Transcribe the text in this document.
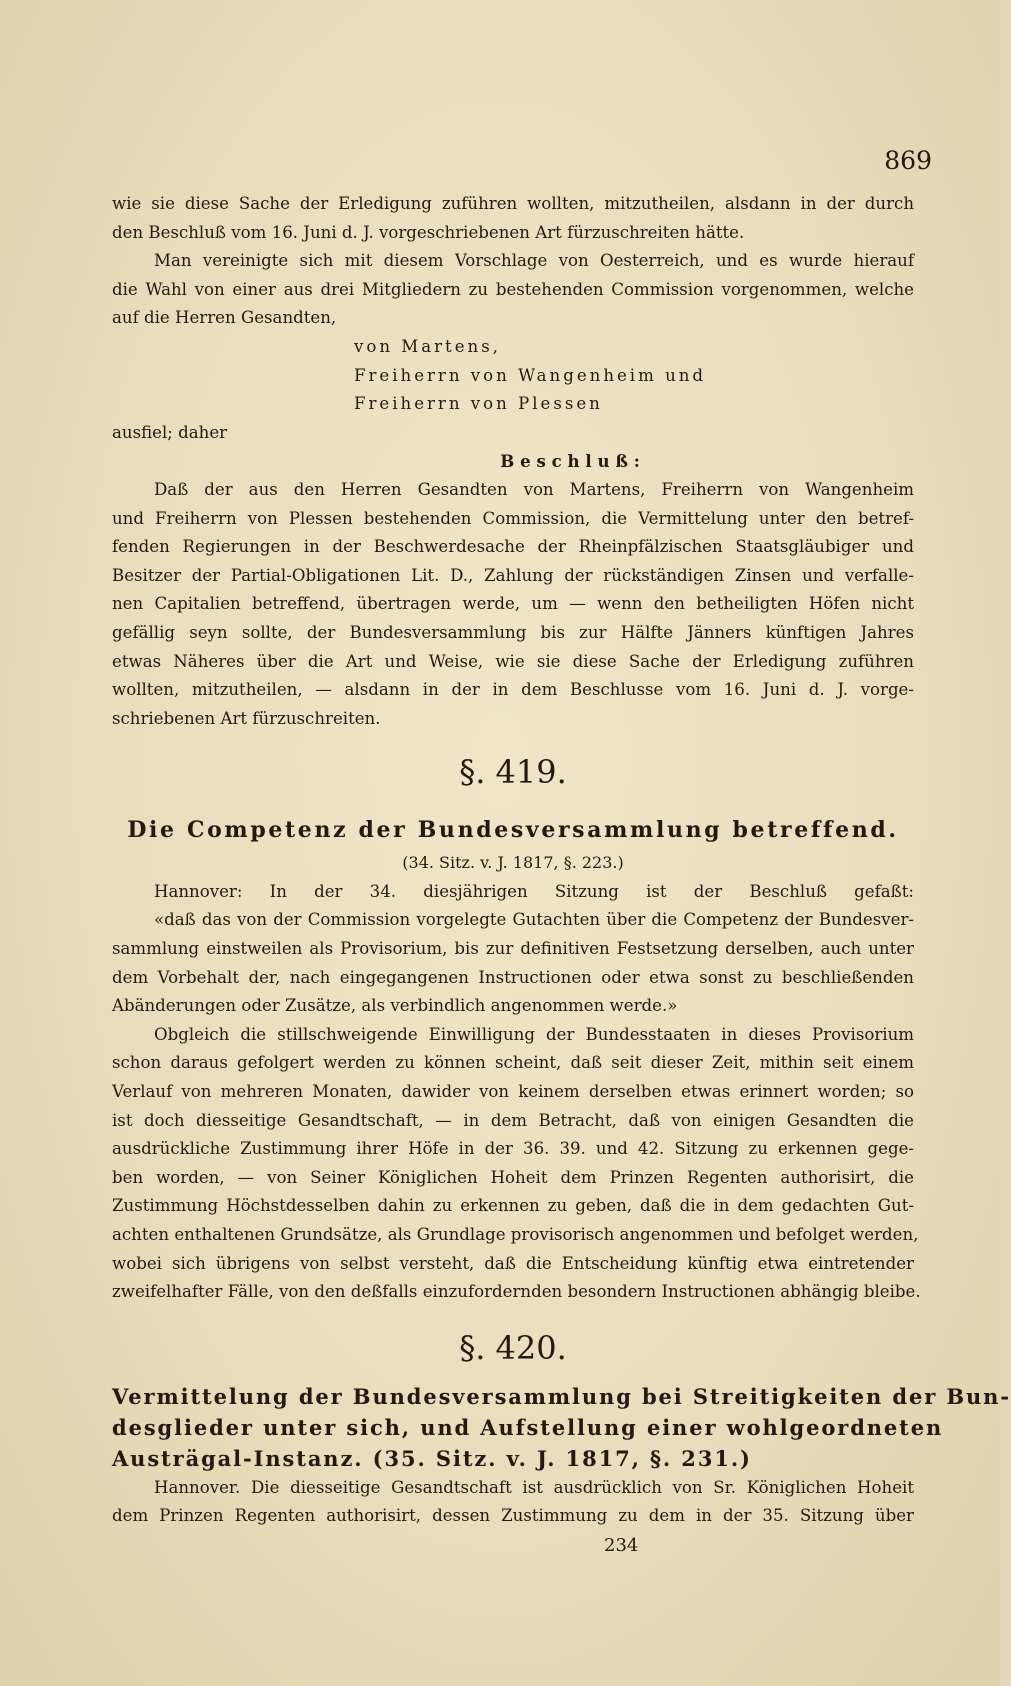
869
wie sie diese Sache der Erledigung zuführen wollten, mitzutheilen, alsdann in der durch
den Beschluß vom 16. Juni d. J. vorgeschriebenen Art fürzuschreiten hätte.
Man vereinigte sich mit diesem Vorschlage von Oesterreich, und es wurde hierauf
die Wahl von einer aus drei Mitgliedern zu bestehenden Commission vorgenommen, welche
auf die Herren Gesandten,
von Martens,
Freiherrn von Wangenheim und
Freiherrn von Plessen
ausfiel; daher
Beschluß:
Daß der aus den Herren Gesandten von Martens, Freiherrn von Wangenheim
und Freiherrn von Plessen bestehenden Commission, die Vermittelung unter den betref-
fenden Regierungen in der Beschwerdesache der Rheinpfälzischen Staatsgläubiger und
Besitzer der Partial-Obligationen Lit. D., Zahlung der rückständigen Zinsen und verfalle-
nen Capitalien betreffend, übertragen werde, um — wenn den betheiligten Höfen nicht
gefällig seyn sollte, der Bundesversammlung bis zur Hälfte Jänners künftigen Jahres
etwas Näheres über die Art und Weise, wie sie diese Sache der Erledigung zuführen
wollten, mitzutheilen, — alsdann in der in dem Beschlusse vom 16. Juni d. J. vorge-
schriebenen Art fürzuschreiten.
§. 419.
Die Competenz der Bundesversammlung betreffend.
(34. Sitz. v. J. 1817, §. 223.)
Hannover: In der 34. diesjährigen Sitzung ist der Beschluß gefaßt:
«daß das von der Commission vorgelegte Gutachten über die Competenz der Bundesver-
sammlung einstweilen als Provisorium, bis zur definitiven Festsetzung derselben, auch unter
dem Vorbehalt der, nach eingegangenen Instructionen oder etwa sonst zu beschließenden
Abänderungen oder Zusätze, als verbindlich angenommen werde.»
Obgleich die stillschweigende Einwilligung der Bundesstaaten in dieses Provisorium
schon daraus gefolgert werden zu können scheint, daß seit dieser Zeit, mithin seit einem
Verlauf von mehreren Monaten, dawider von keinem derselben etwas erinnert worden; so
ist doch diesseitige Gesandtschaft, — in dem Betracht, daß von einigen Gesandten die
ausdrückliche Zustimmung ihrer Höfe in der 36. 39. und 42. Sitzung zu erkennen gege-
ben worden, — von Seiner Königlichen Hoheit dem Prinzen Regenten authorisirt, die
Zustimmung Höchstdesselben dahin zu erkennen zu geben, daß die in dem gedachten Gut-
achten enthaltenen Grundsätze, als Grundlage provisorisch angenommen und befolget werden,
wobei sich übrigens von selbst versteht, daß die Entscheidung künftig etwa eintretender
zweifelhafter Fälle, von den deßfalls einzufordernden besondern Instructionen abhängig bleibe.
§. 420.
Vermittelung der Bundesversammlung bei Streitigkeiten der Bun-
desglieder unter sich, und Aufstellung einer wohlgeordneten
Austrägal-Instanz. (35. Sitz. v. J. 1817, §. 231.)
Hannover. Die diesseitige Gesandtschaft ist ausdrücklich von Sr. Königlichen Hoheit
dem Prinzen Regenten authorisirt, dessen Zustimmung zu dem in der 35. Sitzung über
234
